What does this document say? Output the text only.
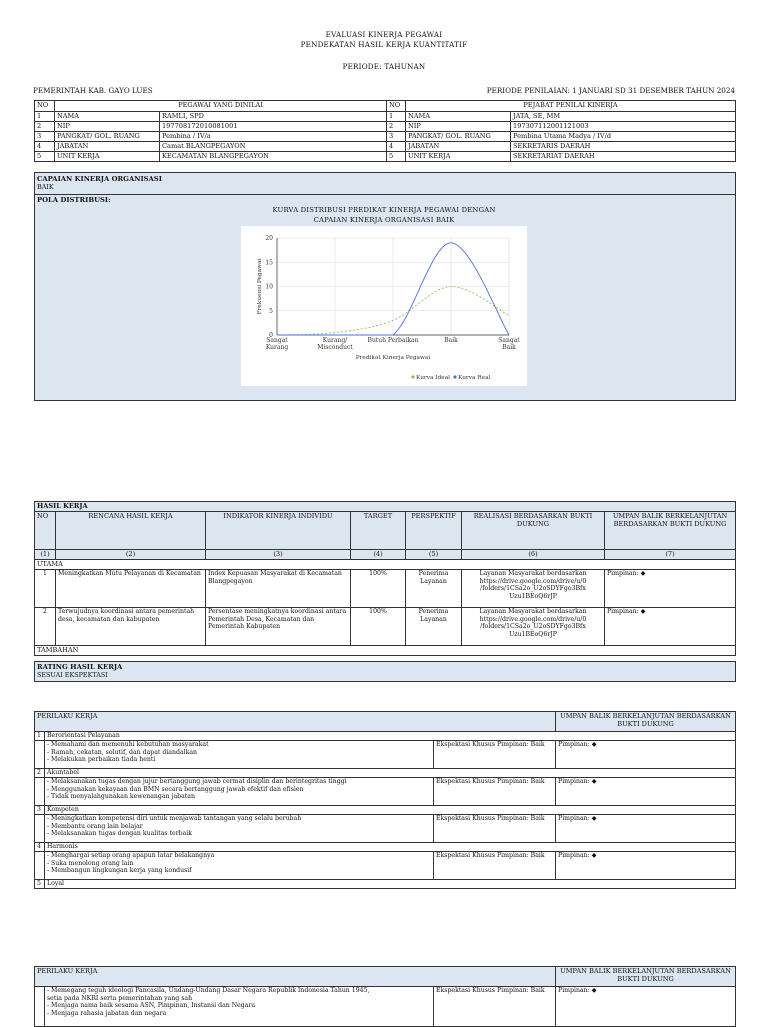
EVALUASI KINERJA PEGAWAI
PENDEKATAN HASIL KERJA KUANTITATIF
PERIODE: TAHUNAN
PEMERINTAH KAB. GAYO LUES	PERIODE PENILAIAN: 1 JANUARI SD 31 DESEMBER TAHUN 2024
NO	PEGAWAI YANG DINILAI		NO	PEJABAT PENILAI KINERJA	
1	NAMA	RAMLI, SPD	1	NAMA	JATA, SE, MM
2	NIP	197708172010081001	2	NIP	197307112001121003
3	PANGKAT/ GOL. RUANG	Pembina / IV/a	3	PANGKAT/ GOL. RUANG	Pembina Utama Madya / IV/d
4	JABATAN	Camat BLANGPEGAYON	4	JABATAN	SEKRETARIS DAERAH
5	UNIT KERJA	KECAMATAN BLANGPEGAYON	5	UNIT KERJA	SEKRETARIAT DAERAH
CAPAIAN KINERJA ORGANISASI
BAIK
POLA DISTRIBUSI:
KURVA DISTRIBUSI PREDIKAT KINERJA PEGAWAI DENGAN
CAPAIAN KINERJA ORGANISASI BAIK
0
5
10
15
20
Sangat
Kurang
Kurang/
Misconduct
Butuh Perbaikan	Baik	Sangat
Baik
Predikat Kinerja Pegawai
Frekuensi Pegawai
Kurva Ideal Kurva Real
HASIL KERJA						
NO	RENCANA HASIL KERJA	INDIKATOR KINERJA INDIVIDU	TARGET	PERSPEKTIF	REALISASI BERDASARKAN BUKTI DUKUNG	UMPAN BALIK BERKELANJUTAN BERDASARKAN BUKTI DUKUNG
(1)	(2)	(3)	(4)	(5)	(6)	(7)
UTAMA						
1	Meningkatkan Mutu Pelayanan di Kecamatan	Index Kepuasan Masyarakat di Kecamatan Blangpegayon	100%	Penerima Layanan	Layanan Masyarakat berdasarkan https://drive.google.com/drive/u/0 /folders/1CSa2o_U2oSDYFgo3Bfx Uzu1BEoQ6rJP	Pimpinan: ◆
2	Terwujudnya koordinasi antara pemerintah desa, kecamatan dan kabupaten	Persentase meningkatnya koordinasi antara Pemerintah Desa, Kecamatan dan Pemerintah Kabupaten	100%	Penerima Layanan	Layanan Masyarakat berdasarkan https://drive.google.com/drive/u/0 /folders/1CSa2o_U2oSDYFgo3Bfx Uzu1BEoQ6rJP	Pimpinan: ◆
TAMBAHAN						
RATING HASIL KERJA
SESUAI EKSPEKTASI
PERILAKU KERJA			UMPAN BALIK BERKELANJUTAN BERDASARKAN BUKTI DUKUNG
1	Berorientasi Pelayanan		

	- Memahami dan memenuhi kebutuhan masyarakat
- Ramah, cekatan, solutif, dan dapat diandalkan
- Melakukan perbaikan tiada henti	Ekspektasi Khusus Pimpinan: Baik	Pimpinan: ◆
2	Akuntabel		

	- Melaksanakan tugas dengan jujur bertanggung jawab cermat disiplin dan berintegritas tinggi
- Menggunakan kekayaan dan BMN secara bertanggung jawab efektif dan efisien
- Tidak menyalahgunakan kewenangan jabatan	Ekspektasi Khusus Pimpinan: Baik	Pimpinan: ◆
3	Kompeten		

	- Meningkatkan kompetensi diri untuk menjawab tantangan yang selalu berubah
- Membantu orang lain belajar
- Melaksanakan tugas dengan kualitas terbaik	Ekspektasi Khusus Pimpinan: Baik	Pimpinan: ◆
4	Harmonis		

	- Menghargai setiap orang apapun latar belakangnya
- Suka menolong orang lain
- Membangun lingkungan kerja yang kondusif	Ekspektasi Khusus Pimpinan: Baik	Pimpinan: ◆
5	Loyal		
PERILAKU KERJA			UMPAN BALIK BERKELANJUTAN BERDASARKAN BUKTI DUKUNG

	- Memegang teguh ideologi Pancasila, Undang-Undang Dasar Negara Republik Indonesia Tahun 1945,
setia pada NKRI serta pemerintahan yang sah
- Menjaga nama baik sesama ASN, Pimpinan, Instansi dan Negara
- Menjaga rahasia jabatan dan negara	Ekspektasi Khusus Pimpinan: Baik	Pimpinan: ◆
